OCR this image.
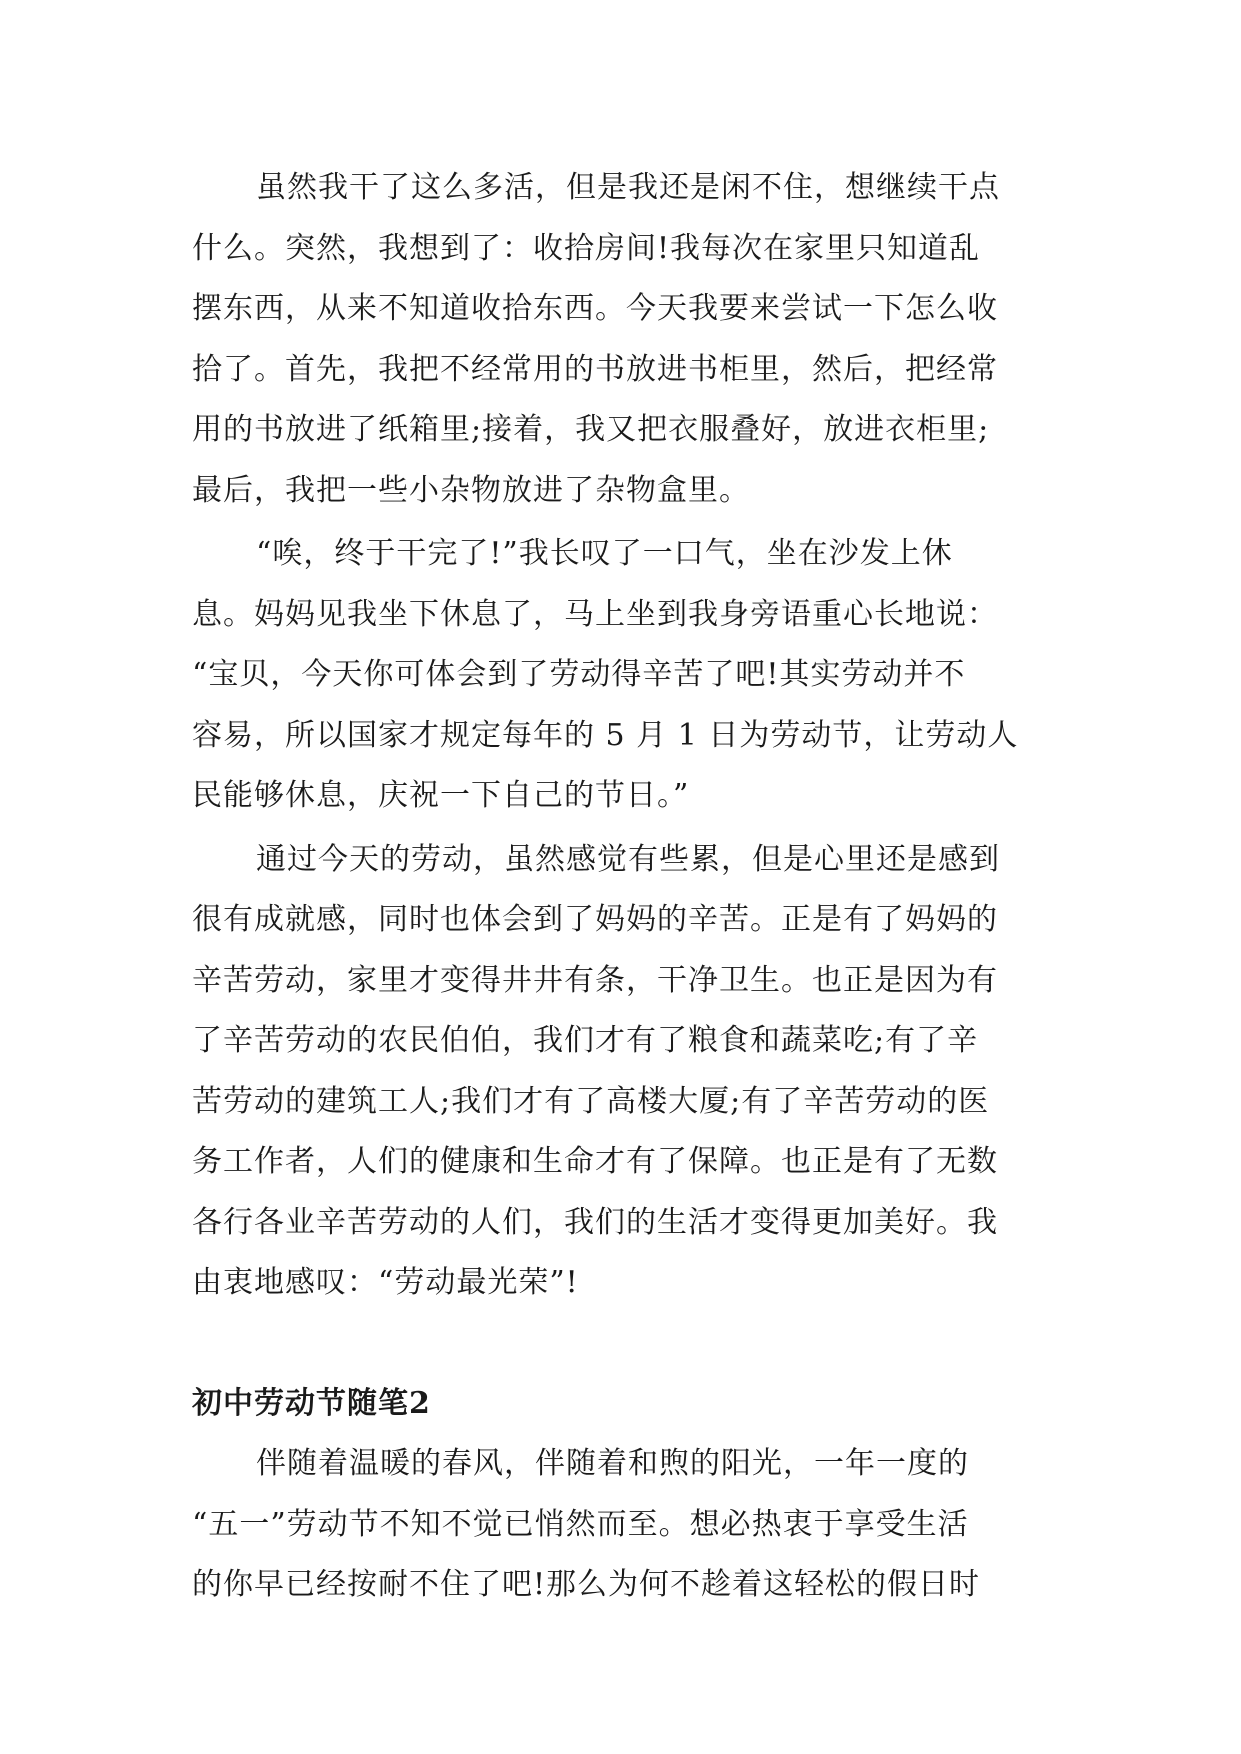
虽然我干了这么多活，但是我还是闲不住，想继续干点
什么。突然，我想到了：收拾房间!我每次在家里只知道乱
摆东西，从来不知道收拾东西。今天我要来尝试一下怎么收
拾了。首先，我把不经常用的书放进书柜里，然后，把经常
用的书放进了纸箱里;接着，我又把衣服叠好，放进衣柜里;
最后，我把一些小杂物放进了杂物盒里。

“唉，终于干完了!”我长叹了一口气，坐在沙发上休
息。妈妈见我坐下休息了，马上坐到我身旁语重心长地说：
“宝贝，今天你可体会到了劳动得辛苦了吧!其实劳动并不
容易，所以国家才规定每年的 5 月 1 日为劳动节，让劳动人
民能够休息，庆祝一下自己的节日。”

通过今天的劳动，虽然感觉有些累，但是心里还是感到
很有成就感，同时也体会到了妈妈的辛苦。正是有了妈妈的
辛苦劳动，家里才变得井井有条，干净卫生。也正是因为有
了辛苦劳动的农民伯伯，我们才有了粮食和蔬菜吃;有了辛
苦劳动的建筑工人;我们才有了高楼大厦;有了辛苦劳动的医
务工作者，人们的健康和生命才有了保障。也正是有了无数
各行各业辛苦劳动的人们，我们的生活才变得更加美好。我
由衷地感叹：“劳动最光荣”!

初中劳动节随笔2

伴随着温暖的春风，伴随着和煦的阳光，一年一度的
“五一”劳动节不知不觉已悄然而至。想必热衷于享受生活
的你早已经按耐不住了吧!那么为何不趁着这轻松的假日时
